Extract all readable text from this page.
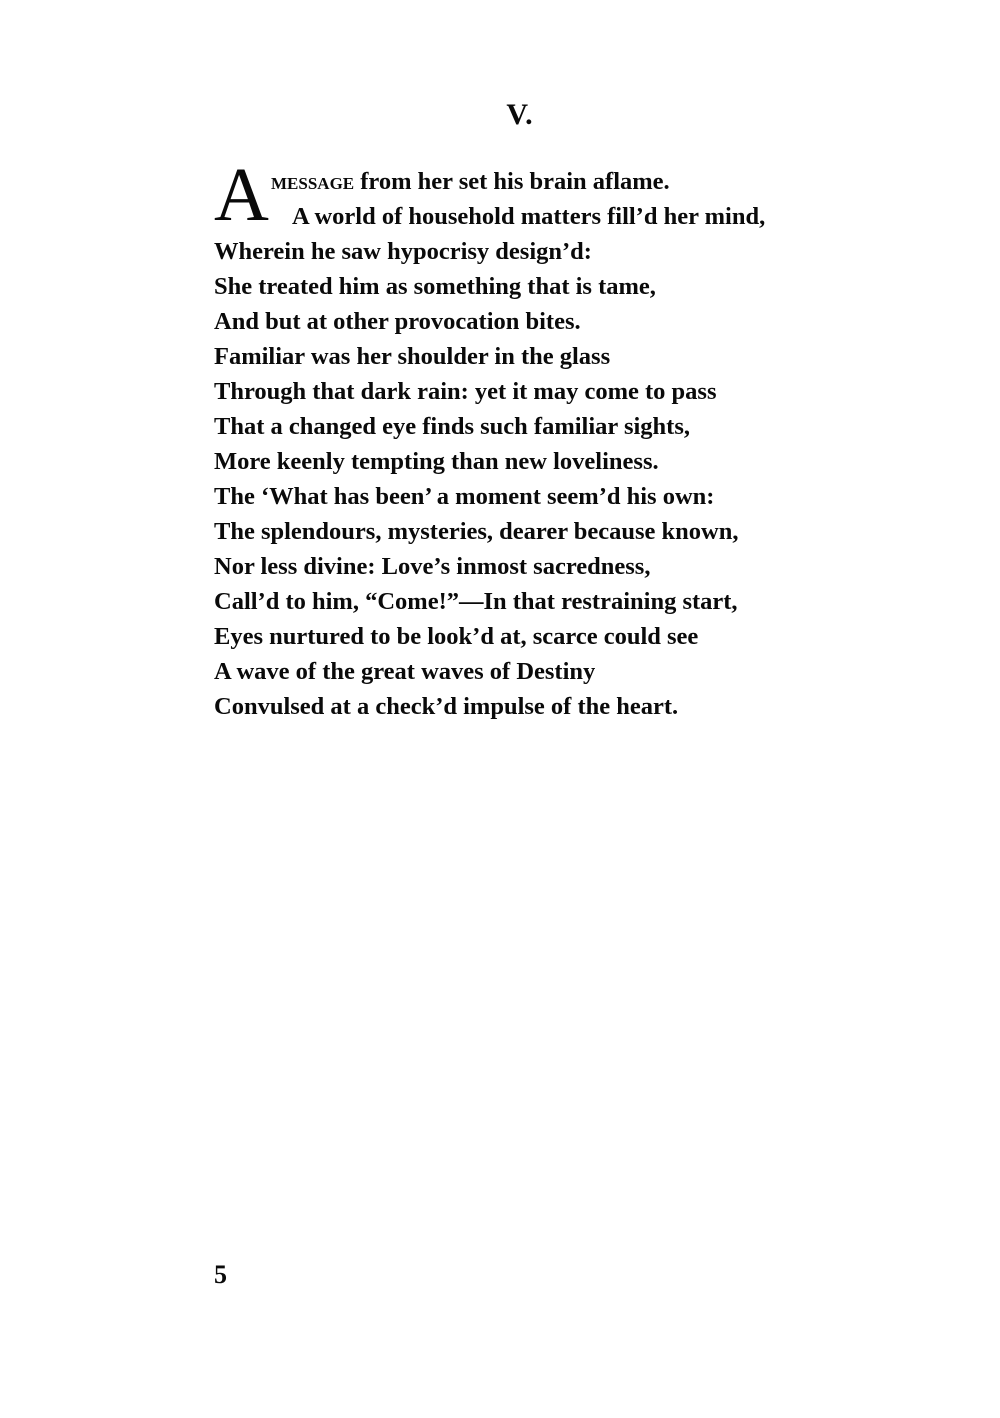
V.
A message from her set his brain aflame.
A world of household matters fill’d her mind,
Wherein he saw hypocrisy design’d:
She treated him as something that is tame,
And but at other provocation bites.
Familiar was her shoulder in the glass
Through that dark rain: yet it may come to pass
That a changed eye finds such familiar sights,
More keenly tempting than new loveliness.
The ‘What has been’ a moment seem’d his own:
The splendours, mysteries, dearer because known,
Nor less divine: Love’s inmost sacredness,
Call’d to him, “Come!”—In that restraining start,
Eyes nurtured to be look’d at, scarce could see
A wave of the great waves of Destiny
Convulsed at a check’d impulse of the heart.
5
